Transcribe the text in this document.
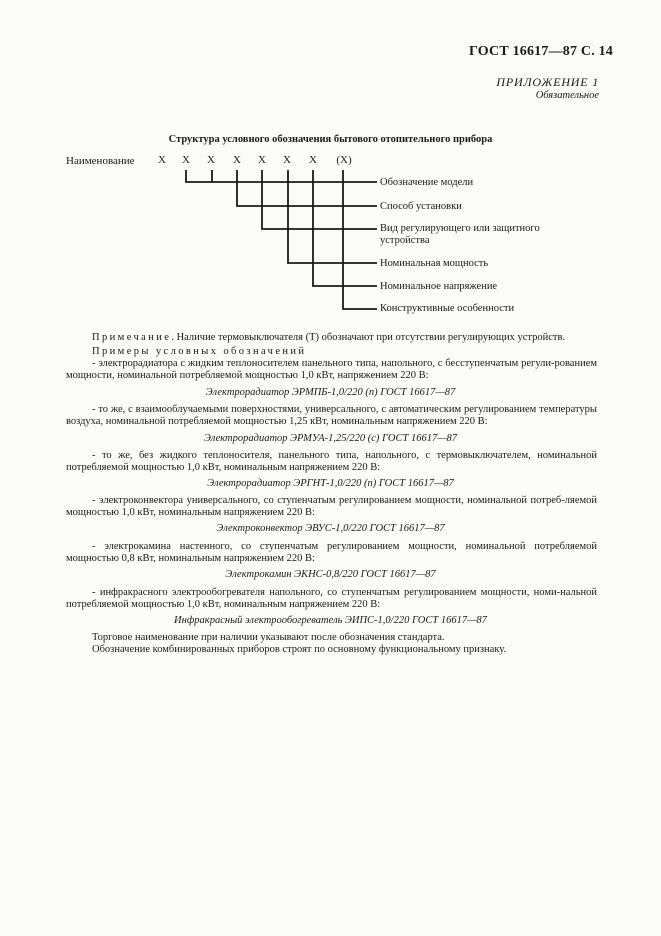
ГОСТ 16617—87 С. 14
ПРИЛОЖЕНИЕ 1
Обязательное
Структура условного обозначения бытового отопительного прибора
Наименование X X X X X X X	(X)
Обозначение модели
Способ установки
Вид регулирующего или защитного
устройства
Номинальная мощность
Номинальное напряжение
Конструктивные особенности
Примечание. Наличие термовыключателя (Т) обозначают при отсутствии регулирующих устройств.
Примеры условных обозначений
- электрорадиатора с жидким теплоносителем панельного типа, напольного, с бесступенчатым регули-рованием мощности, номинальной потребляемой мощностью 1,0 кВт, напряжением 220 В:
Электрорадиатор ЭРМПБ-1,0/220 (п) ГОСТ 16617—87
- то же, с взаимооблучаемыми поверхностями, универсального, с автоматическим регулированием температуры воздуха, номинальной потребляемой мощностью 1,25 кВт, номинальным напряжением 220 В:
Электрорадиатор ЭРМУА-1,25/220 (с) ГОСТ 16617—87
- то же, без жидкого теплоносителя, панельного типа, напольного, с термовыключателем, номинальной потребляемой мощностью 1,0 кВт, номинальным напряжением 220 В:
Электрорадиатор ЭРГНТ-1,0/220 (п) ГОСТ 16617—87
- электроконвектора универсального, со ступенчатым регулированием мощности, номинальной потреб-ляемой мощностью 1,0 кВт, номинальным напряжением 220 В:
Электроконвектор ЭВУС-1,0/220 ГОСТ 16617—87
- электрокамина настенного, со ступенчатым регулированием мощности, номинальной потребляемой мощностью 0,8 кВт, номинальным напряжением 220 В:
Электрокамин ЭКНС-0,8/220 ГОСТ 16617—87
- инфракрасного электрообогревателя напольного, со ступенчатым регулированием мощности, номи-нальной потребляемой мощностью 1,0 кВт, номинальным напряжением 220 В:
Инфракрасный электрообогреватель ЭИПС-1,0/220 ГОСТ 16617—87
Торговое наименование при наличии указывают после обозначения стандарта.
Обозначение комбинированных приборов строят по основному функциональному признаку.
